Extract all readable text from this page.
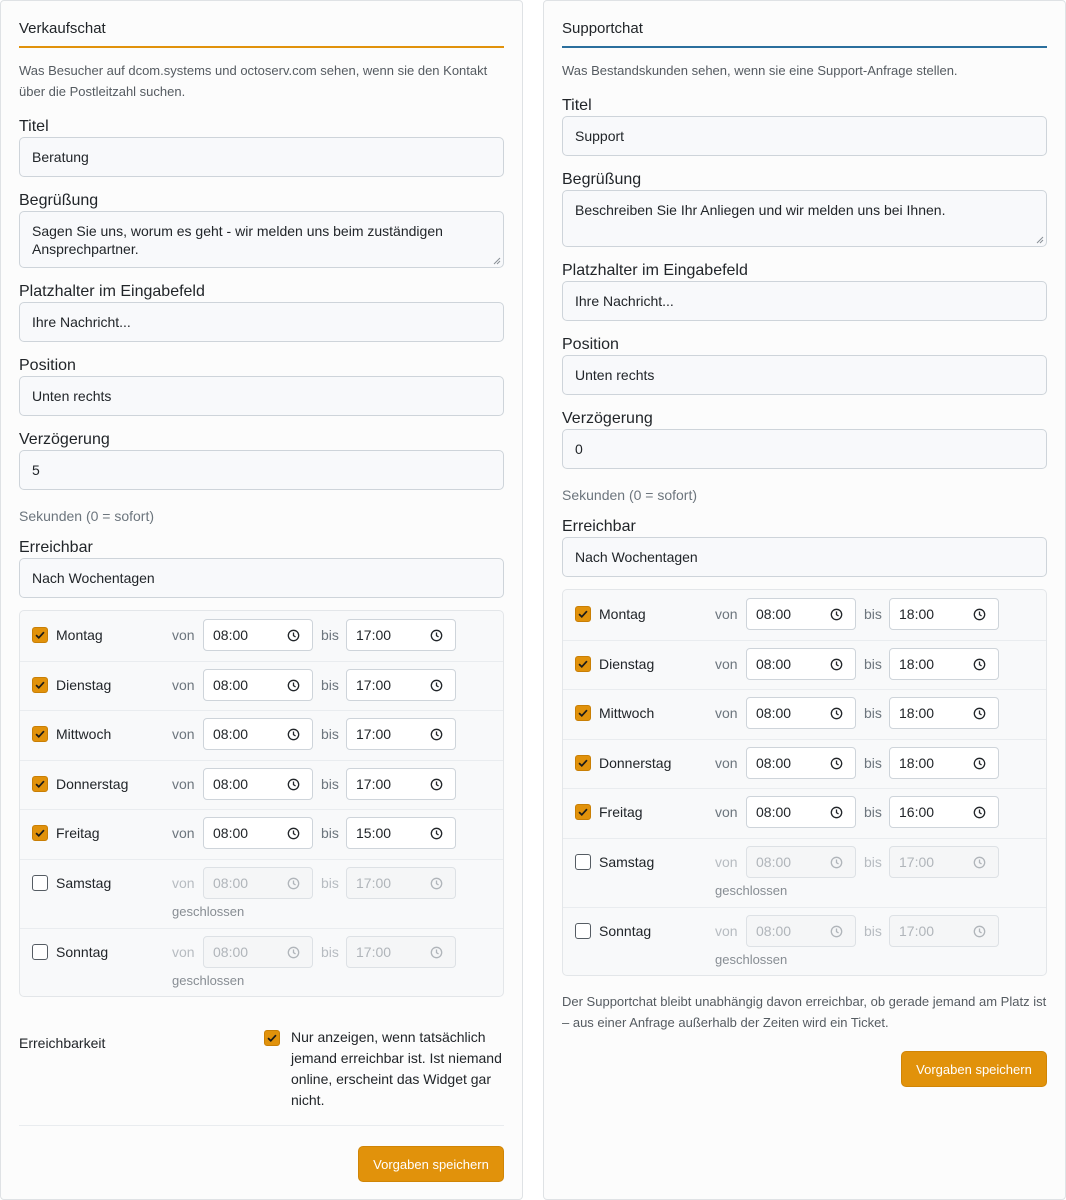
Verkaufschat
Was Besucher auf dcom.systems und octoserv.com sehen, wenn sie den Kontakt über die Postleitzahl suchen.
Titel
Beratung
Begrüßung
Sagen Sie uns, worum es geht - wir melden uns beim zuständigen Ansprechpartner.
Platzhalter im Eingabefeld
Ihre Nachricht...
Position
Unten rechts
Verzögerung
5
Sekunden (0 = sofort)
Erreichbar
Nach Wochentagen
Montag	von 08:00	bis 17:00
Dienstag	von 08:00	bis 17:00
Mittwoch	von 08:00	bis 17:00
Donnerstag	von 08:00	bis 17:00
Freitag	von 08:00	bis 15:00
Samstag	von 08:00	bis 17:00
geschlossen
Sonntag	von 08:00	bis 17:00
geschlossen
Erreichbarkeit	Nur anzeigen, wenn tatsächlich jemand erreichbar ist. Ist niemand online, erscheint das Widget gar nicht.
Vorgaben speichern
Supportchat
Was Bestandskunden sehen, wenn sie eine Support-Anfrage stellen.
Titel
Support
Begrüßung
Beschreiben Sie Ihr Anliegen und wir melden uns bei Ihnen.
Platzhalter im Eingabefeld
Ihre Nachricht...
Position
Unten rechts
Verzögerung
0
Sekunden (0 = sofort)
Erreichbar
Nach Wochentagen
Montag	von 08:00	bis 18:00
Dienstag	von 08:00	bis 18:00
Mittwoch	von 08:00	bis 18:00
Donnerstag	von 08:00	bis 18:00
Freitag	von 08:00	bis 16:00
Samstag	von 08:00	bis 17:00
geschlossen
Sonntag	von 08:00	bis 17:00
geschlossen
Der Supportchat bleibt unabhängig davon erreichbar, ob gerade jemand am Platz ist – aus einer Anfrage außerhalb der Zeiten wird ein Ticket.
Vorgaben speichern
